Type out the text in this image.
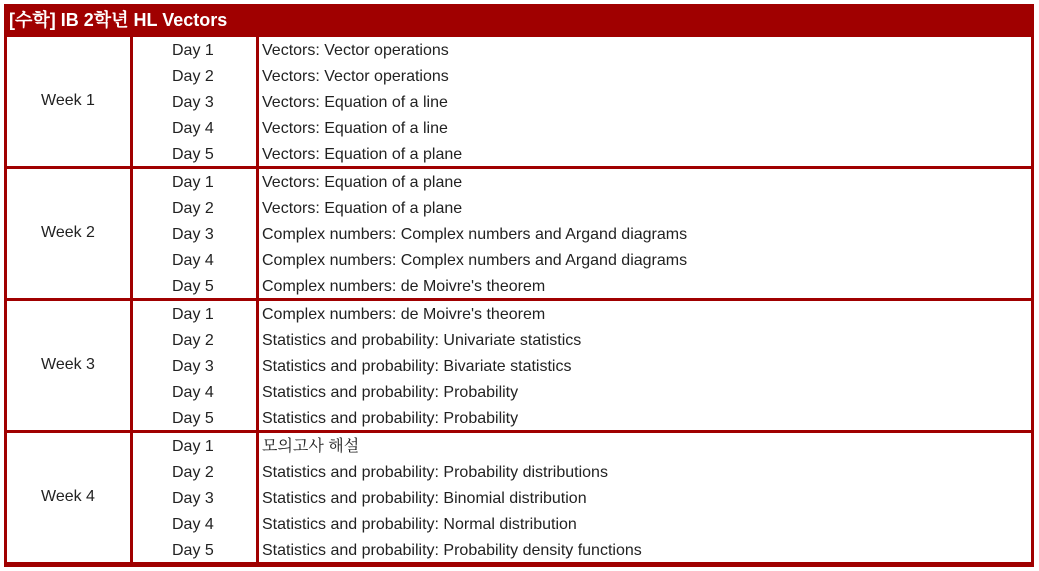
[수학] IB 2학년 HL Vectors
Week 1
Day 1	Vectors: Vector operations
Day 2	Vectors: Vector operations
Day 3	Vectors: Equation of a line
Day 4	Vectors: Equation of a line
Day 5	Vectors: Equation of a plane
Week 2
Day 1	Vectors: Equation of a plane
Day 2	Vectors: Equation of a plane
Day 3	Complex numbers: Complex numbers and Argand diagrams
Day 4	Complex numbers: Complex numbers and Argand diagrams
Day 5	Complex numbers: de Moivre's theorem
Week 3
Day 1	Complex numbers: de Moivre's theorem
Day 2	Statistics and probability: Univariate statistics
Day 3	Statistics and probability: Bivariate statistics
Day 4	Statistics and probability: Probability
Day 5	Statistics and probability: Probability
Week 4
Day 1	모의고사 해설
Day 2	Statistics and probability: Probability distributions
Day 3	Statistics and probability: Binomial distribution
Day 4	Statistics and probability: Normal distribution
Day 5	Statistics and probability: Probability density functions
